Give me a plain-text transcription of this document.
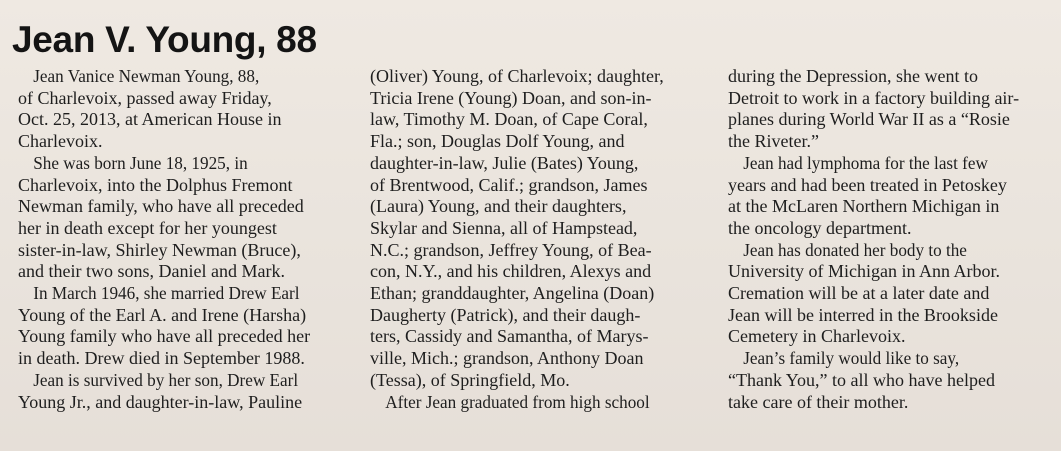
Jean V. Young, 88
Jean Vanice Newman Young, 88,
of Charlevoix, passed away Friday,
Oct. 25, 2013, at American House in
Charlevoix.
She was born June 18, 1925, in
Charlevoix, into the Dolphus Fremont
Newman family, who have all preceded
her in death except for her youngest
sister-in-law, Shirley Newman (Bruce),
and their two sons, Daniel and Mark.
In March 1946, she married Drew Earl
Young of the Earl A. and Irene (Harsha)
Young family who have all preceded her
in death. Drew died in September 1988.
Jean is survived by her son, Drew Earl
Young Jr., and daughter-in-law, Pauline
(Oliver) Young, of Charlevoix; daughter,
Tricia Irene (Young) Doan, and son-in-
law, Timothy M. Doan, of Cape Coral,
Fla.; son, Douglas Dolf Young, and
daughter-in-law, Julie (Bates) Young,
of Brentwood, Calif.; grandson, James
(Laura) Young, and their daughters,
Skylar and Sienna, all of Hampstead,
N.C.; grandson, Jeffrey Young, of Bea-
con, N.Y., and his children, Alexys and
Ethan; granddaughter, Angelina (Doan)
Daugherty (Patrick), and their daugh-
ters, Cassidy and Samantha, of Marys-
ville, Mich.; grandson, Anthony Doan
(Tessa), of Springfield, Mo.
After Jean graduated from high school
during the Depression, she went to
Detroit to work in a factory building air-
planes during World War II as a “Rosie
the Riveter.”
Jean had lymphoma for the last few
years and had been treated in Petoskey
at the McLaren Northern Michigan in
the oncology department.
Jean has donated her body to the
University of Michigan in Ann Arbor.
Cremation will be at a later date and
Jean will be interred in the Brookside
Cemetery in Charlevoix.
Jean’s family would like to say,
“Thank You,” to all who have helped
take care of their mother.
